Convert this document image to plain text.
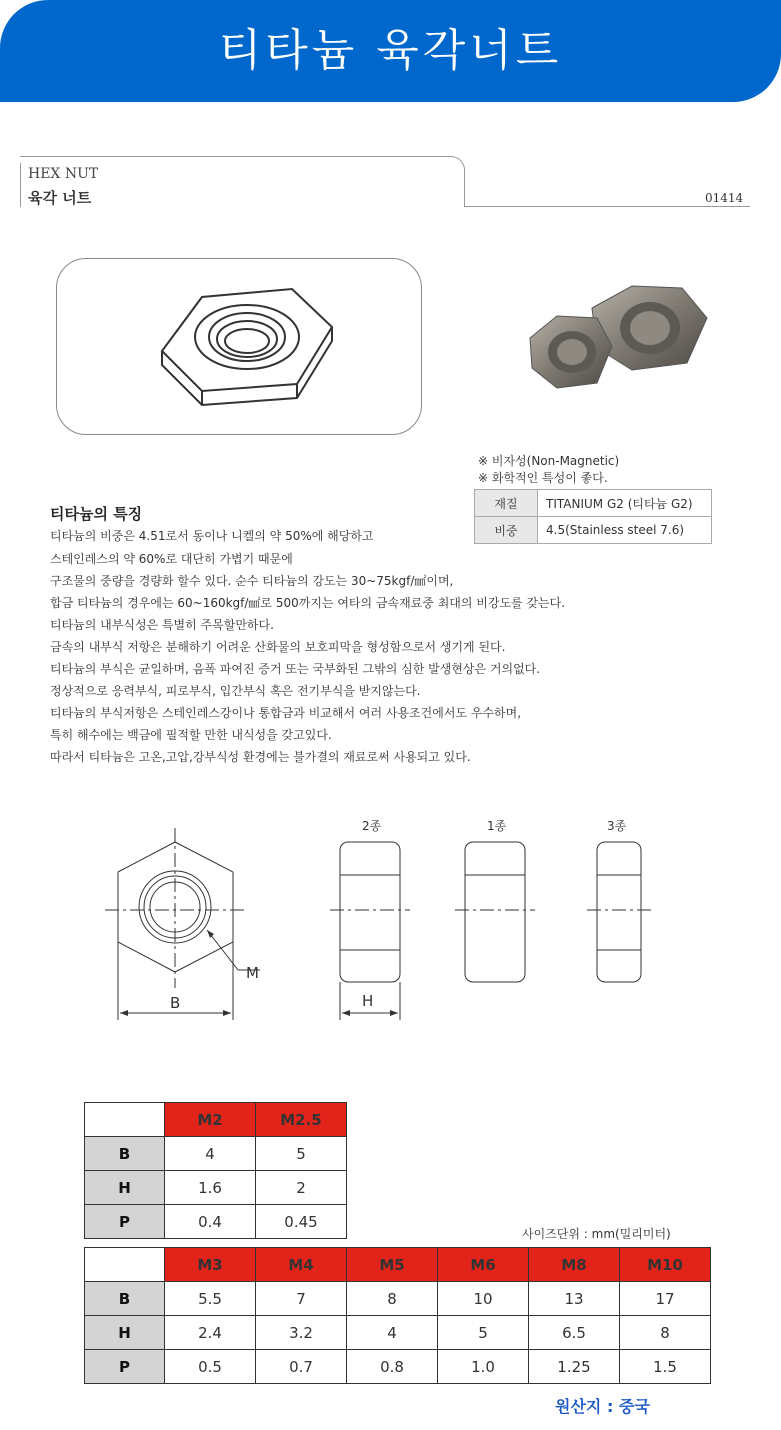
티타늄 육각너트
HEX NUT
육각 너트	01414
※ 비자성(Non-Magnetic)
※ 화학적인 특성이 좋다.
재질	TITANIUM G2 (티타늄 G2)
비중	4.5(Stainless steel 7.6)
티타늄의 특징
티타늄의 비중은 4.51로서 동이나 니켈의 약 50%에 해당하고
스테인레스의 약 60%로 대단히 가볍기 때문에
구조물의 중량을 경량화 할수 있다. 순수 티타늄의 강도는 30~75kgf/㎟이며,
합금 티타늄의 경우에는 60~160kgf/㎟로 500까지는 여타의 금속재료중 최대의 비강도를 갖는다.
티타늄의 내부식성은 특별히 주목할만하다.
금속의 내부식 저항은 분해하기 어려운 산화물의 보호피막을 형성함으로서 생기게 된다.
티타늄의 부식은 균일하며, 음폭 파여진 증거 또는 국부화된 그밖의 심한 발생현상은 거의없다.
정상적으로 응력부식, 피로부식, 입간부식 혹은 전기부식을 받지않는다.
티타늄의 부식저항은 스테인레스강이나 통합금과 비교해서 여러 사용조건에서도 우수하며,
특히 해수에는 백금에 필적할 만한 내식성을 갖고있다.
따라서 티타늄은 고온,고압,강부식성 환경에는 불가결의 재료로써 사용되고 있다.
2종	1종	3종
M
B	H
	M2	M2.5
B	4	5
H	1.6	2
P	0.4	0.45
사이즈단위 : mm(밀리미터)
	M3	M4	M5	M6	M8	M10
B	5.5	7	8	10	13	17
H	2.4	3.2	4	5	6.5	8
P	0.5	0.7	0.8	1.0	1.25	1.5
원산지 : 중국
